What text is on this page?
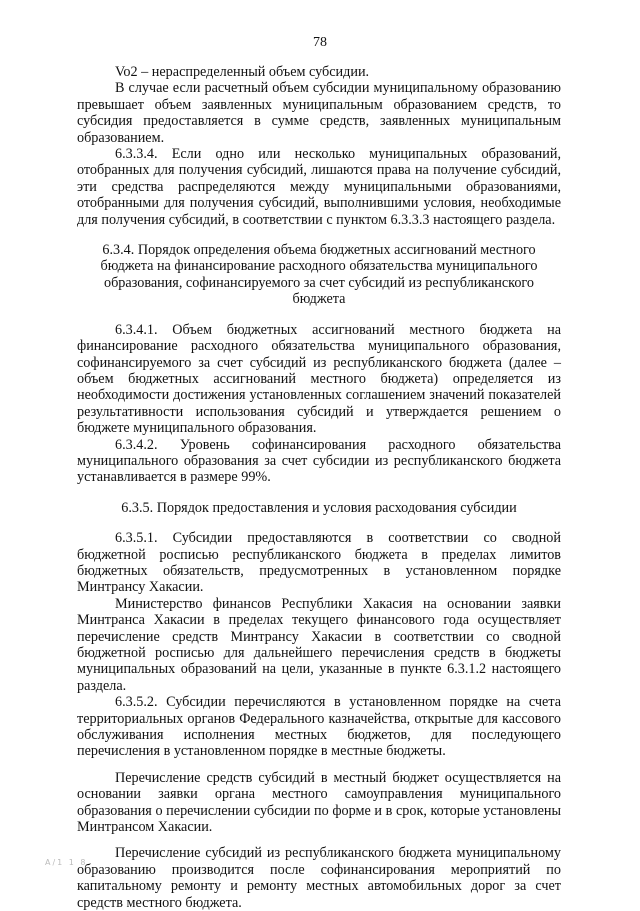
78

Vo2 – нераспределенный объем субсидии.

В случае если расчетный объем субсидии муниципальному образованию превышает объем заявленных муниципальным образованием средств, то субсидия предоставляется в сумме средств, заявленных муниципальным образованием.

6.3.3.4. Если одно или несколько муниципальных образований, отобранных для получения субсидий, лишаются права на получение субсидий, эти средства распределяются между муниципальными образованиями, отобранными для получения субсидий, выполнившими условия, необходимые для получения субсидий, в соответствии с пунктом 6.3.3.3 настоящего раздела.

6.3.4. Порядок определения объема бюджетных ассигнований местного бюджета на финансирование расходного обязательства муниципального образования, софинансируемого за счет субсидий из республиканского бюджета

6.3.4.1. Объем бюджетных ассигнований местного бюджета на финансирование расходного обязательства муниципального образования, софинансируемого за счет субсидий из республиканского бюджета (далее – объем бюджетных ассигнований местного бюджета) определяется из необходимости достижения установленных соглашением значений показателей результативности использования субсидий и утверждается решением о бюджете муниципального образования.

6.3.4.2. Уровень софинансирования расходного обязательства муниципального образования за счет субсидии из республиканского бюджета устанавливается в размере 99%.

6.3.5. Порядок предоставления и условия расходования субсидии

6.3.5.1. Субсидии предоставляются в соответствии со сводной бюджетной росписью республиканского бюджета в пределах лимитов бюджетных обязательств, предусмотренных в установленном порядке Минтрансу Хакасии.

Министерство финансов Республики Хакасия на основании заявки Минтранса Хакасии в пределах текущего финансового года осуществляет перечисление средств Минтрансу Хакасии в соответствии со сводной бюджетной росписью для дальнейшего перечисления средств в бюджеты муниципальных образований на цели, указанные в пункте 6.3.1.2 настоящего раздела.

6.3.5.2. Субсидии перечисляются в установленном порядке на счета территориальных органов Федерального казначейства, открытые для кассового обслуживания исполнения местных бюджетов, для последующего перечисления в установленном порядке в местные бюджеты.

Перечисление средств субсидий в местный бюджет осуществляется на основании заявки органа местного самоуправления муниципального образования о перечислении субсидии по форме и в срок, которые установлены Минтрансом Хакасии.

Перечисление субсидий из республиканского бюджета муниципальному образованию производится после софинансирования мероприятий по капитальному ремонту и ремонту местных автомобильных дорог за счет средств местного бюджета.

A/1 1 8
